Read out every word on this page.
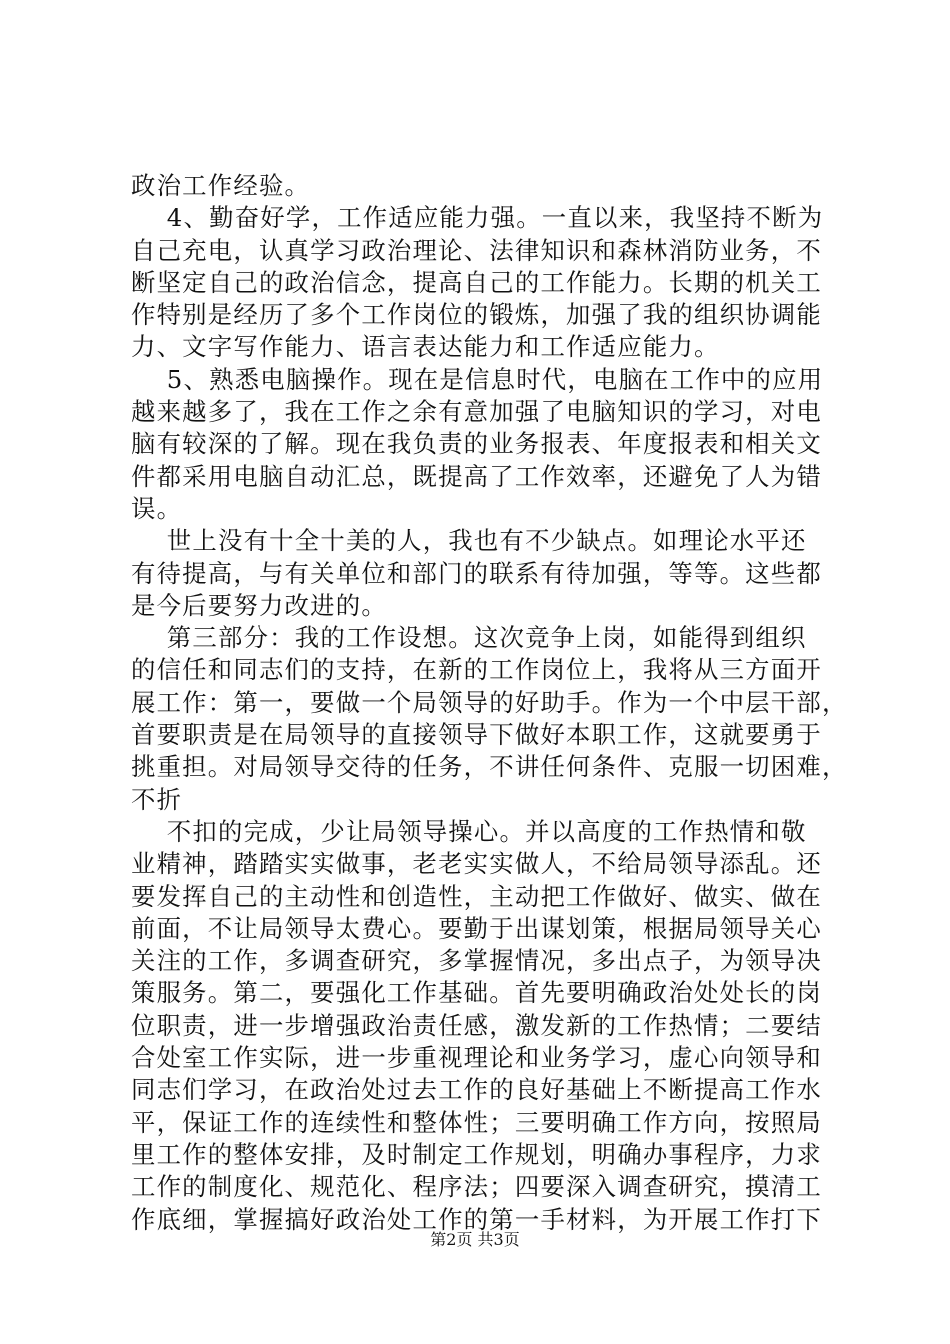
政治工作经验。
4、勤奋好学，工作适应能力强。一直以来，我坚持不断为
自己充电，认真学习政治理论、法律知识和森林消防业务，不
断坚定自己的政治信念，提高自己的工作能力。长期的机关工
作特别是经历了多个工作岗位的锻炼，加强了我的组织协调能
力、文字写作能力、语言表达能力和工作适应能力。
5、熟悉电脑操作。现在是信息时代，电脑在工作中的应用
越来越多了，我在工作之余有意加强了电脑知识的学习，对电
脑有较深的了解。现在我负责的业务报表、年度报表和相关文
件都采用电脑自动汇总，既提高了工作效率，还避免了人为错
误。
世上没有十全十美的人，我也有不少缺点。如理论水平还
有待提高，与有关单位和部门的联系有待加强，等等。这些都
是今后要努力改进的。
第三部分：我的工作设想。这次竞争上岗，如能得到组织
的信任和同志们的支持，在新的工作岗位上，我将从三方面开
展工作：第一，要做一个局领导的好助手。作为一个中层干部，
首要职责是在局领导的直接领导下做好本职工作，这就要勇于
挑重担。对局领导交待的任务，不讲任何条件、克服一切困难，
不折
不扣的完成，少让局领导操心。并以高度的工作热情和敬
业精神，踏踏实实做事，老老实实做人，不给局领导添乱。还
要发挥自己的主动性和创造性，主动把工作做好、做实、做在
前面，不让局领导太费心。要勤于出谋划策，根据局领导关心
关注的工作，多调查研究，多掌握情况，多出点子，为领导决
策服务。第二，要强化工作基础。首先要明确政治处处长的岗
位职责，进一步增强政治责任感，激发新的工作热情；二要结
合处室工作实际，进一步重视理论和业务学习，虚心向领导和
同志们学习，在政治处过去工作的良好基础上不断提高工作水
平，保证工作的连续性和整体性；三要明确工作方向，按照局
里工作的整体安排，及时制定工作规划，明确办事程序，力求
工作的制度化、规范化、程序法；四要深入调查研究，摸清工
作底细，掌握搞好政治处工作的第一手材料，为开展工作打下
第2页 共3页
